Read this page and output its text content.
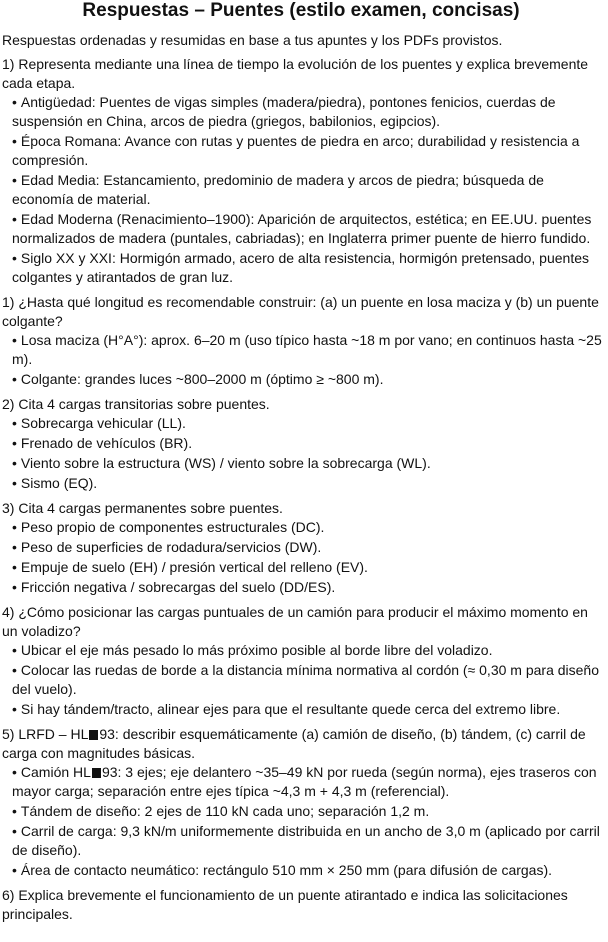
Respuestas – Puentes (estilo examen, concisas)

Respuestas ordenadas y resumidas en base a tus apuntes y los PDFs provistos.

1) Representa mediante una línea de tiempo la evolución de los puentes y explica brevemente cada etapa.

• Antigüedad: Puentes de vigas simples (madera/piedra), pontones fenicios, cuerdas de suspensión en China, arcos de piedra (griegos, babilonios, egipcios).
• Época Romana: Avance con rutas y puentes de piedra en arco; durabilidad y resistencia a compresión.
• Edad Media: Estancamiento, predominio de madera y arcos de piedra; búsqueda de economía de material.
• Edad Moderna (Renacimiento–1900): Aparición de arquitectos, estética; en EE.UU. puentes normalizados de madera (puntales, cabriadas); en Inglaterra primer puente de hierro fundido.
• Siglo XX y XXI: Hormigón armado, acero de alta resistencia, hormigón pretensado, puentes colgantes y atirantados de gran luz.

1) ¿Hasta qué longitud es recomendable construir: (a) un puente en losa maciza y (b) un puente colgante?

• Losa maciza (H°A°): aprox. 6–20 m (uso típico hasta ~18 m por vano; en continuos hasta ~25 m).
• Colgante: grandes luces ~800–2000 m (óptimo ≥ ~800 m).

2) Cita 4 cargas transitorias sobre puentes.

• Sobrecarga vehicular (LL).
• Frenado de vehículos (BR).
• Viento sobre la estructura (WS) / viento sobre la sobrecarga (WL).
• Sismo (EQ).

3) Cita 4 cargas permanentes sobre puentes.

• Peso propio de componentes estructurales (DC).
• Peso de superficies de rodadura/servicios (DW).
• Empuje de suelo (EH) / presión vertical del relleno (EV).
• Fricción negativa / sobrecargas del suelo (DD/ES).

4) ¿Cómo posicionar las cargas puntuales de un camión para producir el máximo momento en un voladizo?

• Ubicar el eje más pesado lo más próximo posible al borde libre del voladizo.
• Colocar las ruedas de borde a la distancia mínima normativa al cordón (≈ 0,30 m para diseño del vuelo).
• Si hay tándem/tracto, alinear ejes para que el resultante quede cerca del extremo libre.

5) LRFD – HL 93: describir esquemáticamente (a) camión de diseño, (b) tándem, (c) carril de carga con magnitudes básicas.

• Camión HL 93: 3 ejes; eje delantero ~35–49 kN por rueda (según norma), ejes traseros con mayor carga; separación entre ejes típica ~4,3 m + 4,3 m (referencial).
• Tándem de diseño: 2 ejes de 110 kN cada uno; separación 1,2 m.
• Carril de carga: 9,3 kN/m uniformemente distribuida en un ancho de 3,0 m (aplicado por carril de diseño).
• Área de contacto neumático: rectángulo 510 mm × 250 mm (para difusión de cargas).

6) Explica brevemente el funcionamiento de un puente atirantado e indica las solicitaciones principales.
